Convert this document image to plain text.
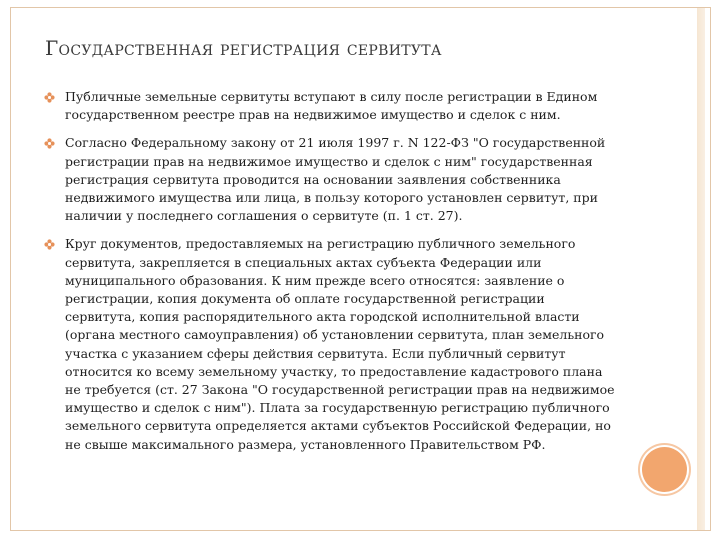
Государственная регистрация сервитута
Публичные земельные сервитуты вступают в силу после регистрации в Едином государственном реестре прав на недвижимое имущество и сделок с ним.
Согласно Федеральному закону от 21 июля 1997 г. N 122-ФЗ "О государственной регистрации прав на недвижимое имущество и сделок с ним" государственная регистрация сервитута проводится на основании заявления собственника недвижимого имущества или лица, в пользу которого установлен сервитут, при наличии у последнего соглашения о сервитуте (п. 1 ст. 27).
Круг документов, предоставляемых на регистрацию публичного земельного сервитута, закрепляется в специальных актах субъекта Федерации или муниципального образования. К ним прежде всего относятся: заявление о регистрации, копия документа об оплате государственной регистрации сервитута, копия распорядительного акта городской исполнительной власти (органа местного самоуправления) об установлении сервитута, план земельного участка с указанием сферы действия сервитута. Если публичный сервитут относится ко всему земельному участку, то предоставление кадастрового плана не требуется (ст. 27 Закона "О государственной регистрации прав на недвижимое имущество и сделок с ним"). Плата за государственную регистрацию публичного земельного сервитута определяется актами субъектов Российской Федерации, но не свыше максимального размера, установленного Правительством РФ.
